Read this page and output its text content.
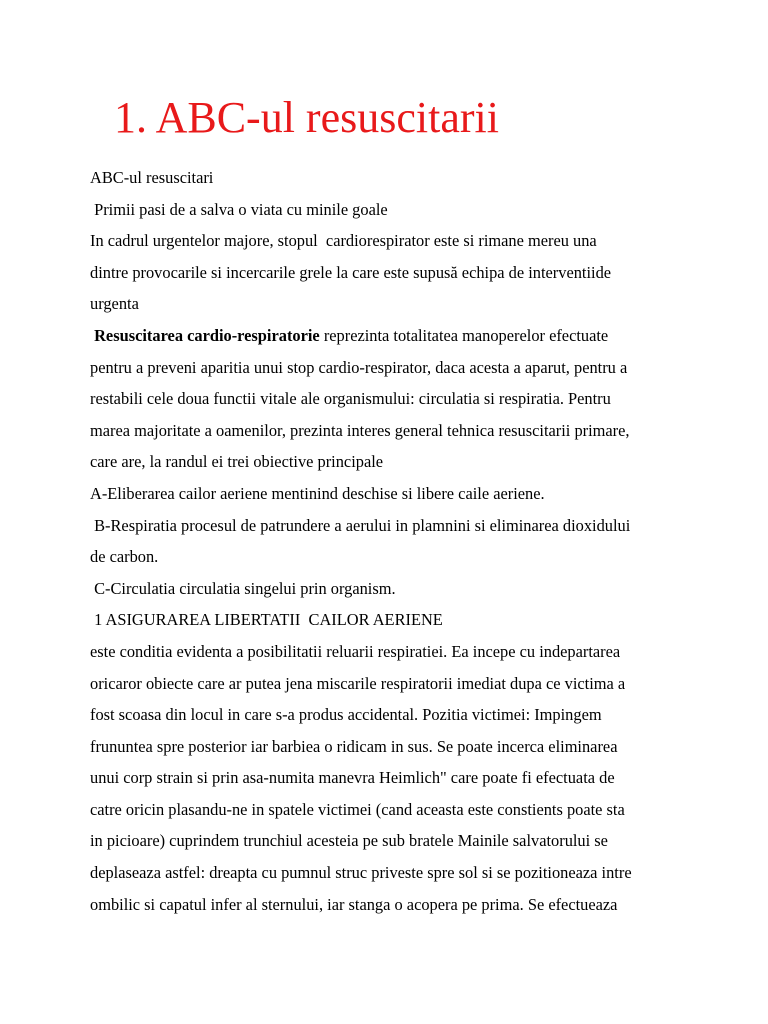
1. ABC-ul resuscitarii
ABC-ul resuscitari
Primii pasi de a salva o viata cu minile goale
In cadrul urgentelor majore, stopul  cardiorespirator este si rimane mereu una
dintre provocarile si incercarile grele la care este supusă echipa de interventiide
urgenta
Resuscitarea cardio-respiratorie reprezinta totalitatea manoperelor efectuate
pentru a preveni aparitia unui stop cardio-respirator, daca acesta a aparut, pentru a
restabili cele doua functii vitale ale organismului: circulatia si respiratia. Pentru
marea majoritate a oamenilor, prezinta interes general tehnica resuscitarii primare,
care are, la randul ei trei obiective principale
A-Eliberarea cailor aeriene mentinind deschise si libere caile aeriene.
B-Respiratia procesul de patrundere a aerului in plamnini si eliminarea dioxidului
de carbon.
C-Circulatia circulatia singelui prin organism.
1 ASIGURAREA LIBERTATII  CAILOR AERIENE
este conditia evidenta a posibilitatii reluarii respiratiei. Ea incepe cu indepartarea
oricaror obiecte care ar putea jena miscarile respiratorii imediat dupa ce victima a
fost scoasa din locul in care s-a produs accidental. Pozitia victimei: Impingem
frununtea spre posterior iar barbiea o ridicam in sus. Se poate incerca eliminarea
unui corp strain si prin asa-numita manevra Heimlich" care poate fi efectuata de
catre oricin plasandu-ne in spatele victimei (cand aceasta este constients poate sta
in picioare) cuprindem trunchiul acesteia pe sub bratele Mainile salvatorului se
deplaseaza astfel: dreapta cu pumnul struc priveste spre sol si se pozitioneaza intre
ombilic si capatul infer al sternului, iar stanga o acopera pe prima. Se efectueaza
